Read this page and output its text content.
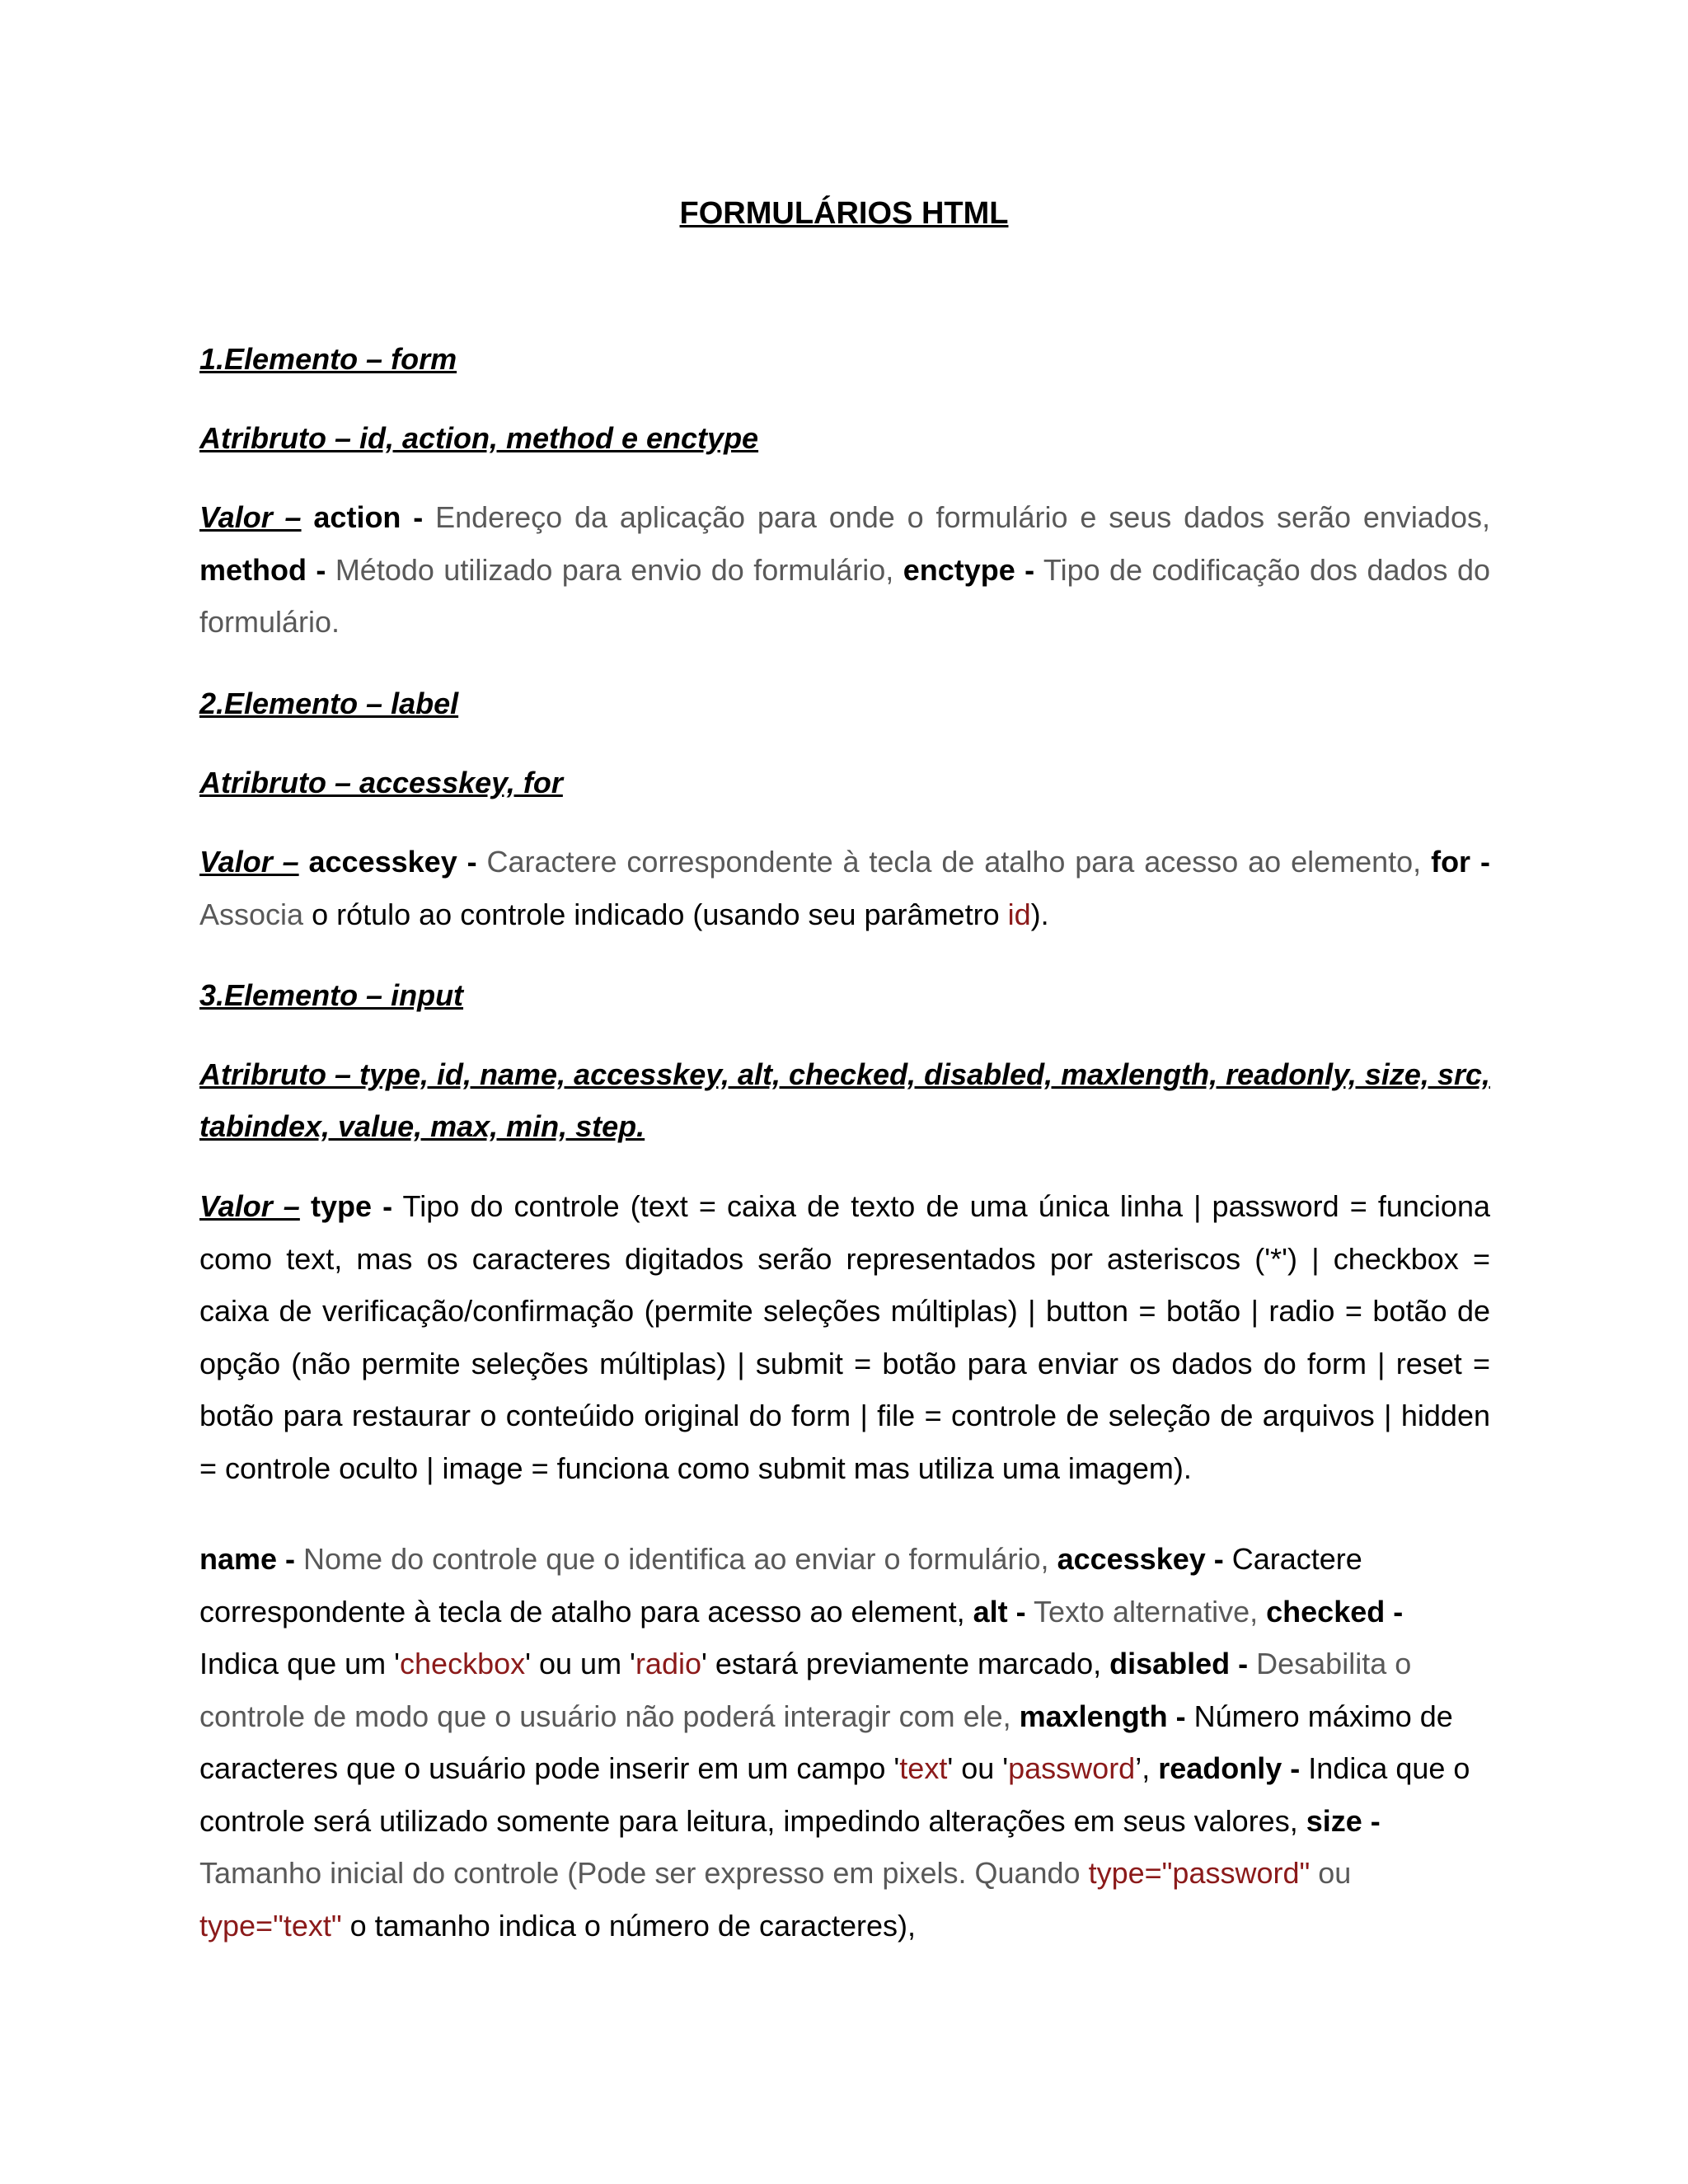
FORMULÁRIOS HTML
1.Elemento – form
Atribruto – id, action, method e enctype

Valor – action - Endereço da aplicação para onde o formulário e seus dados serão enviados, method - Método utilizado para envio do formulário, enctype - Tipo de codificação dos dados do formulário.

2.Elemento – label
Atribruto – accesskey, for

Valor – accesskey - Caractere correspondente à tecla de atalho para acesso ao elemento, for - Associa o rótulo ao controle indicado (usando seu parâmetro id).

3.Elemento – input
Atribruto – type, id, name, accesskey, alt, checked, disabled, maxlength, readonly, size, src, tabindex, value, max, min, step.

Valor – type - Tipo do controle (text = caixa de texto de uma única linha | password = funciona como text, mas os caracteres digitados serão representados por asteriscos ('*') | checkbox = caixa de verificação/confirmação (permite seleções múltiplas) | button = botão | radio = botão de opção (não permite seleções múltiplas) | submit = botão para enviar os dados do form | reset = botão para restaurar o conteúido original do form | file = controle de seleção de arquivos | hidden = controle oculto | image = funciona como submit mas utiliza uma imagem).

name - Nome do controle que o identifica ao enviar o formulário, accesskey - Caractere correspondente à tecla de atalho para acesso ao element, alt - Texto alternative, checked - Indica que um 'checkbox' ou um 'radio' estará previamente marcado, disabled - Desabilita o controle de modo que o usuário não poderá interagir com ele, maxlength - Número máximo de caracteres que o usuário pode inserir em um campo 'text' ou 'password’, readonly - Indica que o controle será utilizado somente para leitura, impedindo alterações em seus valores, size - Tamanho inicial do controle (Pode ser expresso em pixels. Quando type="password" ou type="text" o tamanho indica o número de caracteres),
